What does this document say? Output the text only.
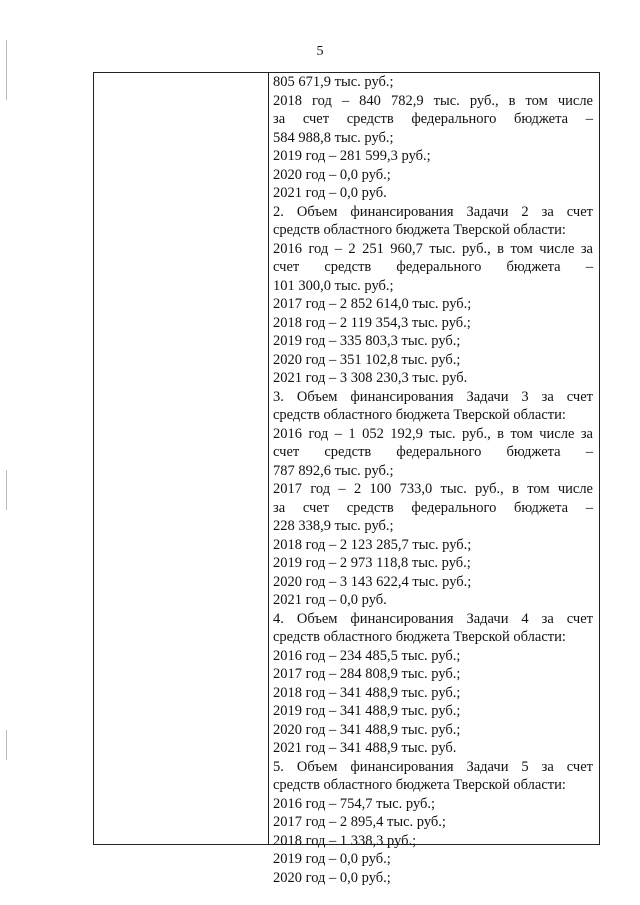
5
805 671,9 тыс. руб.;
2018 год – 840 782,9 тыс. руб., в том числе
за счет средств федерального бюджета –
584 988,8 тыс. руб.;
2019 год – 281 599,3 руб.;
2020 год – 0,0 руб.;
2021 год – 0,0 руб.
2. Объем финансирования Задачи 2 за счет
средств областного бюджета Тверской области:
2016 год – 2 251 960,7 тыс. руб., в том числе за
счет средств федерального бюджета –
101 300,0 тыс. руб.;
2017 год – 2 852 614,0 тыс. руб.;
2018 год – 2 119 354,3 тыс. руб.;
2019 год – 335 803,3 тыс. руб.;
2020 год – 351 102,8 тыс. руб.;
2021 год – 3 308 230,3 тыс. руб.
3. Объем финансирования Задачи 3 за счет
средств областного бюджета Тверской области:
2016 год – 1 052 192,9 тыс. руб., в том числе за
счет средств федерального бюджета –
787 892,6 тыс. руб.;
2017 год – 2 100 733,0 тыс. руб., в том числе
за счет средств федерального бюджета –
228 338,9 тыс. руб.;
2018 год – 2 123 285,7 тыс. руб.;
2019 год – 2 973 118,8 тыс. руб.;
2020 год – 3 143 622,4 тыс. руб.;
2021 год – 0,0 руб.
4. Объем финансирования Задачи 4 за счет
средств областного бюджета Тверской области:
2016 год – 234 485,5 тыс. руб.;
2017 год – 284 808,9 тыс. руб.;
2018 год – 341 488,9 тыс. руб.;
2019 год – 341 488,9 тыс. руб.;
2020 год – 341 488,9 тыс. руб.;
2021 год – 341 488,9 тыс. руб.
5. Объем финансирования Задачи 5 за счет
средств областного бюджета Тверской области:
2016 год – 754,7 тыс. руб.;
2017 год – 2 895,4 тыс. руб.;
2018 год – 1 338,3 руб.;
2019 год – 0,0 руб.;
2020 год – 0,0 руб.;
